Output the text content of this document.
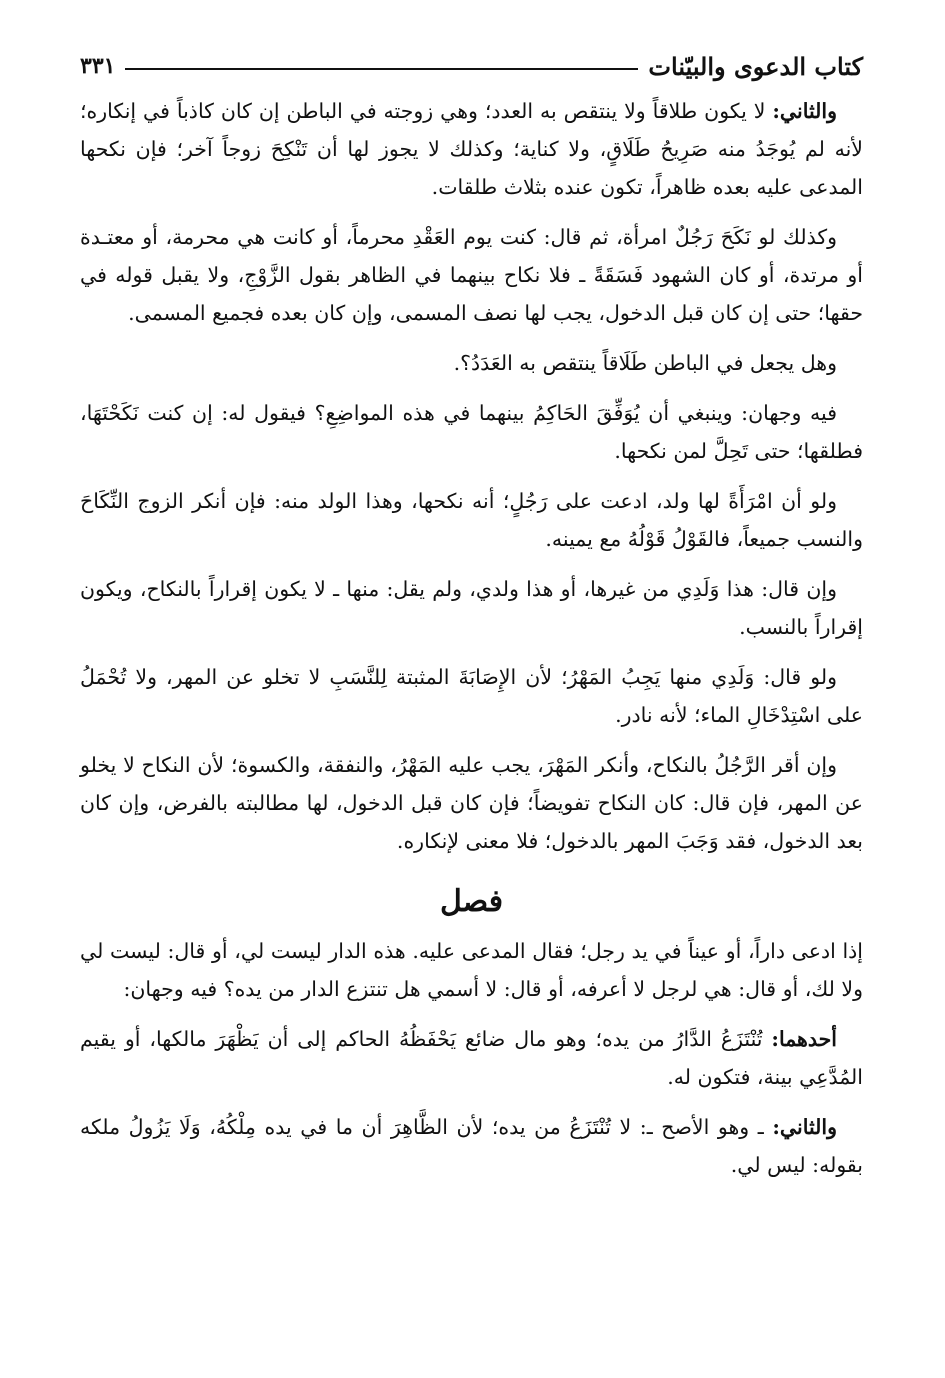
كتاب الدعوى والبيّنات
٣٣١

والثاني: لا يكون طلاقاً ولا ينتقص به العدد؛ وهي زوجته في الباطن إن كان كاذباً في إنكاره؛ لأنه لم يُوجَدُ منه صَرِيحُ طَلَاقٍ، ولا كناية؛ وكذلك لا يجوز لها أن تَنْكِحَ زوجاً آخر؛ فإن نكحها المدعى عليه بعده ظاهراً، تكون عنده بثلاث طلقات.

وكذلك لو نَكَحَ رَجُلٌ امرأة، ثم قال: كنت يوم العَقْدِ محرماً، أو كانت هي محرمة، أو معتـدة أو مرتدة، أو كان الشهود فَسَقَةً ـ فلا نكاح بينهما في الظاهر بقول الزَّوْجِ، ولا يقبل قوله في حقها؛ حتى إن كان قبل الدخول، يجب لها نصف المسمى، وإن كان بعده فجميع المسمى.

وهل يجعل في الباطن طَلَاقاً ينتقص به العَدَدُ؟.

فيه وجهان: وينبغي أن يُوَفِّقَ الحَاكِمُ بينهما في هذه المواضِعِ؟ فيقول له: إن كنت نَكَحْتَهَا، فطلقها؛ حتى تَحِلَّ لمن نكحها.

ولو أن امْرَأَةً لها ولد، ادعت على رَجُلٍ؛ أنه نكحها، وهذا الولد منه: فإن أنكر الزوج النِّكَاحَ والنسب جميعاً، فالقَوْلُ قَوْلُهُ مع يمينه.

وإن قال: هذا وَلَدِي من غيرها، أو هذا ولدي، ولم يقل: منها ـ لا يكون إقراراً بالنكاح، ويكون إقراراً بالنسب.

ولو قال: وَلَدِي منها يَجِبُ المَهْرُ؛ لأن الإِصَابَةَ المثبتة لِلنَّسَبِ لا تخلو عن المهر، ولا تُحْمَلُ على اسْتِدْخَالِ الماء؛ لأنه نادر.

وإن أقر الرَّجُلُ بالنكاح، وأنكر المَهْرَ، يجب عليه المَهْرُ، والنفقة، والكسوة؛ لأن النكاح لا يخلو عن المهر، فإن قال: كان النكاح تفويضاً؛ فإن كان قبل الدخول، لها مطالبته بالفرض، وإن كان بعد الدخول، فقد وَجَبَ المهر بالدخول؛ فلا معنى لإنكاره.

فصل

إذا ادعى داراً، أو عيناً في يد رجل؛ فقال المدعى عليه. هذه الدار ليست لي، أو قال: ليست لي ولا لك، أو قال: هي لرجل لا أعرفه، أو قال: لا أسمي هل تنتزع الدار من يده؟ فيه وجهان:

أحدهما: تُنْتَزَعُ الدَّارُ من يده؛ وهو مال ضائع يَحْفَظُهُ الحاكم إلى أن يَظْهَرَ مالكها، أو يقيم المُدَّعِي بينة، فتكون له.

والثاني: ـ وهو الأصح ـ: لا تُنْتَزَعُ من يده؛ لأن الظَّاهِرَ أن ما في يده مِلْكُهُ، وَلَا يَزُولُ ملكه بقوله: ليس لي.
